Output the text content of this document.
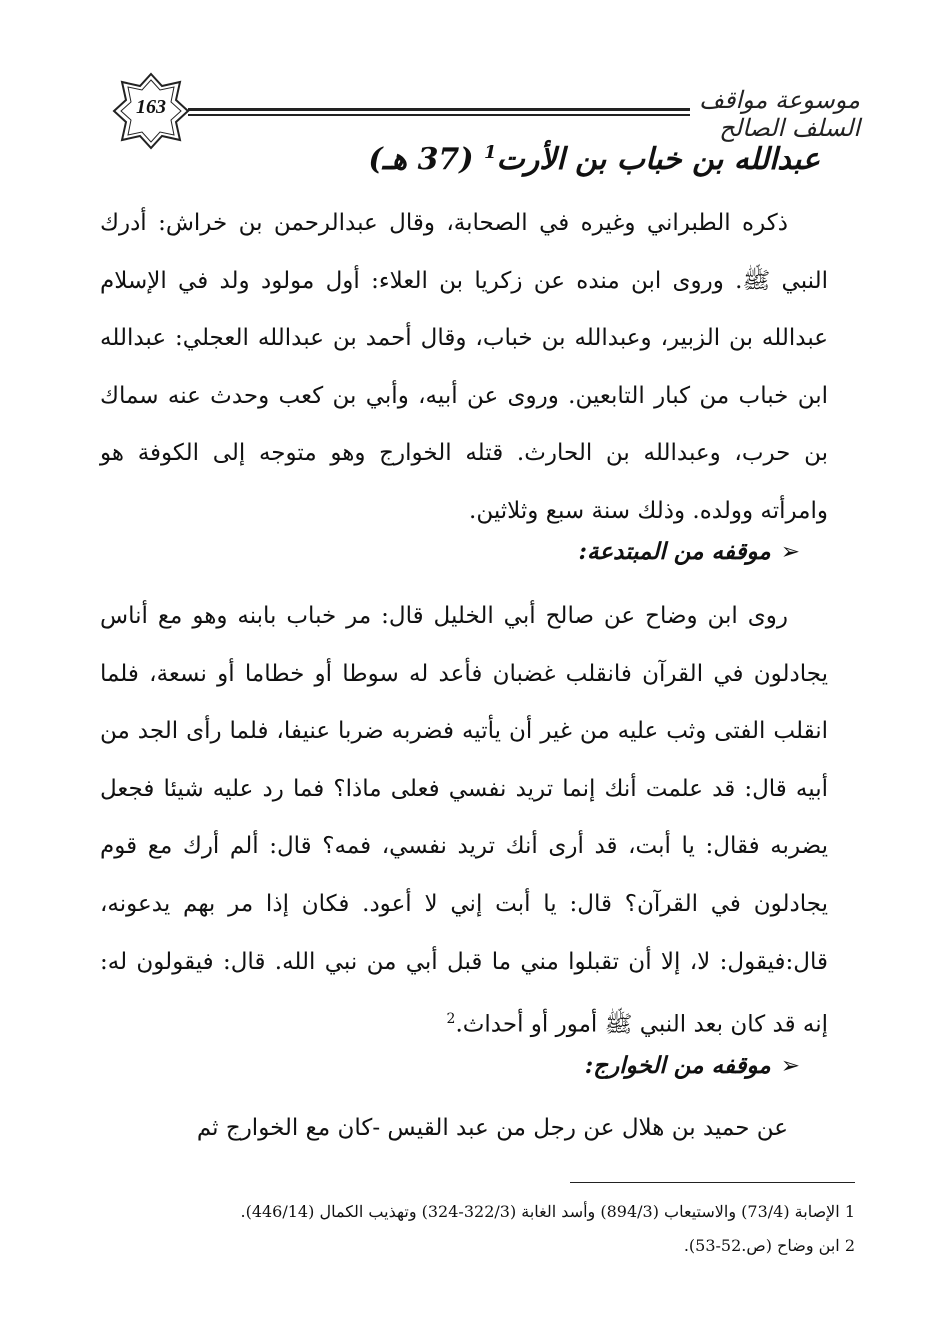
163	موسوعة مواقف السلف الصالح
عبدالله بن خباب بن الأرت$^1$ (37 هـ)

ذكره الطبراني وغيره في الصحابة، وقال عبدالرحمن بن خراش: أدرك النبي ﷺ. وروى ابن منده عن زكريا بن العلاء: أول مولود ولد في الإسلام عبدالله بن الزبير، وعبدالله بن خباب، وقال أحمد بن عبدالله العجلي: عبدالله ابن خباب من كبار التابعين. وروى عن أبيه، وأبي بن كعب وحدث عنه سماك بن حرب، وعبدالله بن الحارث. قتله الخوارج وهو متوجه إلى الكوفة هو وامرأته وولده. وذلك سنة سبع وثلاثين.

➢موقفه من المبتدعة:

روى ابن وضاح عن صالح أبي الخليل قال: مر خباب بابنه وهو مع أناس يجادلون في القرآن فانقلب غضبان فأعد له سوطا أو خطاما أو نسعة، فلما انقلب الفتى وثب عليه من غير أن يأتيه فضربه ضربا عنيفا، فلما رأى الجد من أبيه قال: قد علمت أنك إنما تريد نفسي فعلى ماذا؟ فما رد عليه شيئا فجعل يضربه فقال: يا أبت، قد أرى أنك تريد نفسي، فمه؟ قال: ألم أرك مع قوم يجادلون في القرآن؟ قال: يا أبت إني لا أعود. فكان إذا مر بهم يدعونه، قال:فيقول: لا، إلا أن تقبلوا مني ما قبل أبي من نبي الله. قال: فيقولون له: إنه قد كان بعد النبي ﷺ أمور أو أحداث.$^2$

➢موقفه من الخوارج:

عن حميد بن هلال عن رجل من عبد القيس -كان مع الخوارج ثم

1 الإصابة (73/4) والاستيعاب (894/3) وأسد الغابة (322/3-324) وتهذيب الكمال (446/14).
2 ابن وضاح (ص.52-53).
